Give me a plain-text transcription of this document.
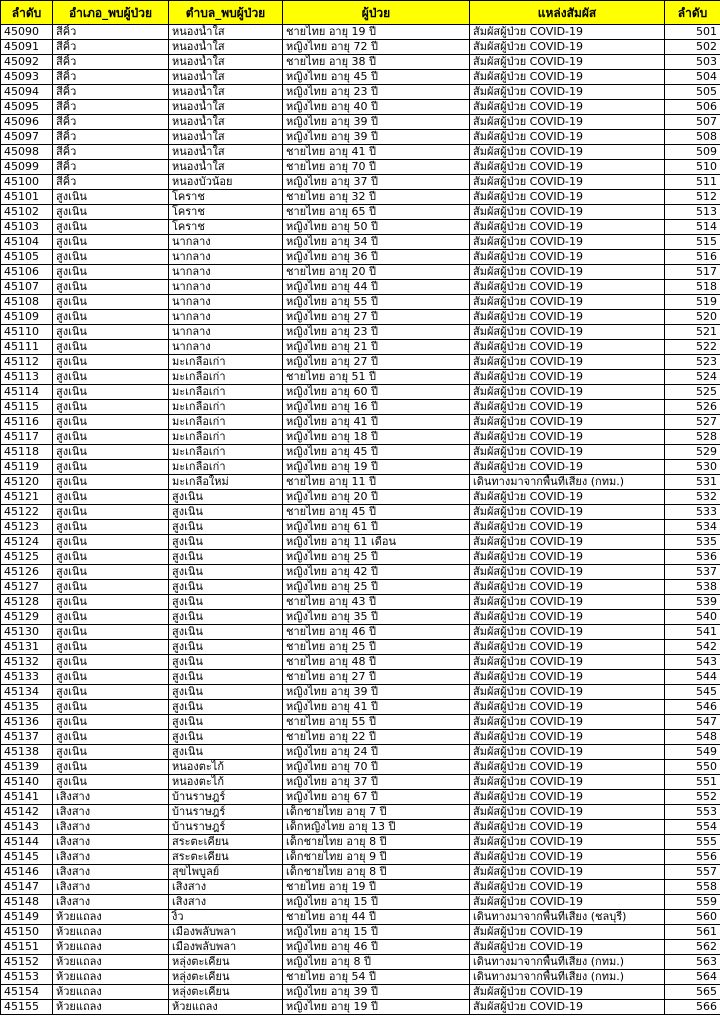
ลำดับ	อำเภอ_พบผู้ป่วย	ตำบล_พบผู้ป่วย	ผู้ป่วย	แหล่งสัมผัส	ลำดับ
45090	สีคิ้ว	หนองน้ำใส	ชายไทย อายุ 19 ปี	สัมผัสผู้ป่วย COVID-19	501
45091	สีคิ้ว	หนองน้ำใส	หญิงไทย อายุ 72 ปี	สัมผัสผู้ป่วย COVID-19	502
45092	สีคิ้ว	หนองน้ำใส	ชายไทย อายุ 38 ปี	สัมผัสผู้ป่วย COVID-19	503
45093	สีคิ้ว	หนองน้ำใส	หญิงไทย อายุ 45 ปี	สัมผัสผู้ป่วย COVID-19	504
45094	สีคิ้ว	หนองน้ำใส	หญิงไทย อายุ 23 ปี	สัมผัสผู้ป่วย COVID-19	505
45095	สีคิ้ว	หนองน้ำใส	หญิงไทย อายุ 40 ปี	สัมผัสผู้ป่วย COVID-19	506
45096	สีคิ้ว	หนองน้ำใส	หญิงไทย อายุ 39 ปี	สัมผัสผู้ป่วย COVID-19	507
45097	สีคิ้ว	หนองน้ำใส	หญิงไทย อายุ 39 ปี	สัมผัสผู้ป่วย COVID-19	508
45098	สีคิ้ว	หนองน้ำใส	ชายไทย อายุ 41 ปี	สัมผัสผู้ป่วย COVID-19	509
45099	สีคิ้ว	หนองน้ำใส	ชายไทย อายุ 70 ปี	สัมผัสผู้ป่วย COVID-19	510
45100	สีคิ้ว	หนองบัวน้อย	หญิงไทย อายุ 37 ปี	สัมผัสผู้ป่วย COVID-19	511
45101	สูงเนิน	โคราช	ชายไทย อายุ 32 ปี	สัมผัสผู้ป่วย COVID-19	512
45102	สูงเนิน	โคราช	ชายไทย อายุ 65 ปี	สัมผัสผู้ป่วย COVID-19	513
45103	สูงเนิน	โคราช	หญิงไทย อายุ 50 ปี	สัมผัสผู้ป่วย COVID-19	514
45104	สูงเนิน	นากลาง	หญิงไทย อายุ 34 ปี	สัมผัสผู้ป่วย COVID-19	515
45105	สูงเนิน	นากลาง	หญิงไทย อายุ 36 ปี	สัมผัสผู้ป่วย COVID-19	516
45106	สูงเนิน	นากลาง	ชายไทย อายุ 20 ปี	สัมผัสผู้ป่วย COVID-19	517
45107	สูงเนิน	นากลาง	หญิงไทย อายุ 44 ปี	สัมผัสผู้ป่วย COVID-19	518
45108	สูงเนิน	นากลาง	หญิงไทย อายุ 55 ปี	สัมผัสผู้ป่วย COVID-19	519
45109	สูงเนิน	นากลาง	หญิงไทย อายุ 27 ปี	สัมผัสผู้ป่วย COVID-19	520
45110	สูงเนิน	นากลาง	หญิงไทย อายุ 23 ปี	สัมผัสผู้ป่วย COVID-19	521
45111	สูงเนิน	นากลาง	หญิงไทย อายุ 21 ปี	สัมผัสผู้ป่วย COVID-19	522
45112	สูงเนิน	มะเกลือเก่า	หญิงไทย อายุ 27 ปี	สัมผัสผู้ป่วย COVID-19	523
45113	สูงเนิน	มะเกลือเก่า	ชายไทย อายุ 51 ปี	สัมผัสผู้ป่วย COVID-19	524
45114	สูงเนิน	มะเกลือเก่า	หญิงไทย อายุ 60 ปี	สัมผัสผู้ป่วย COVID-19	525
45115	สูงเนิน	มะเกลือเก่า	หญิงไทย อายุ 16 ปี	สัมผัสผู้ป่วย COVID-19	526
45116	สูงเนิน	มะเกลือเก่า	หญิงไทย อายุ 41 ปี	สัมผัสผู้ป่วย COVID-19	527
45117	สูงเนิน	มะเกลือเก่า	หญิงไทย อายุ 18 ปี	สัมผัสผู้ป่วย COVID-19	528
45118	สูงเนิน	มะเกลือเก่า	หญิงไทย อายุ 45 ปี	สัมผัสผู้ป่วย COVID-19	529
45119	สูงเนิน	มะเกลือเก่า	หญิงไทย อายุ 19 ปี	สัมผัสผู้ป่วย COVID-19	530
45120	สูงเนิน	มะเกลือใหม่	ชายไทย อายุ 11 ปี	เดินทางมาจากพื้นที่เสี่ยง (กทม.)	531
45121	สูงเนิน	สูงเนิน	หญิงไทย อายุ 20 ปี	สัมผัสผู้ป่วย COVID-19	532
45122	สูงเนิน	สูงเนิน	ชายไทย อายุ 45 ปี	สัมผัสผู้ป่วย COVID-19	533
45123	สูงเนิน	สูงเนิน	หญิงไทย อายุ 61 ปี	สัมผัสผู้ป่วย COVID-19	534
45124	สูงเนิน	สูงเนิน	หญิงไทย อายุ 11 เดือน	สัมผัสผู้ป่วย COVID-19	535
45125	สูงเนิน	สูงเนิน	หญิงไทย อายุ 25 ปี	สัมผัสผู้ป่วย COVID-19	536
45126	สูงเนิน	สูงเนิน	หญิงไทย อายุ 42 ปี	สัมผัสผู้ป่วย COVID-19	537
45127	สูงเนิน	สูงเนิน	หญิงไทย อายุ 25 ปี	สัมผัสผู้ป่วย COVID-19	538
45128	สูงเนิน	สูงเนิน	ชายไทย อายุ 43 ปี	สัมผัสผู้ป่วย COVID-19	539
45129	สูงเนิน	สูงเนิน	หญิงไทย อายุ 35 ปี	สัมผัสผู้ป่วย COVID-19	540
45130	สูงเนิน	สูงเนิน	ชายไทย อายุ 46 ปี	สัมผัสผู้ป่วย COVID-19	541
45131	สูงเนิน	สูงเนิน	ชายไทย อายุ 25 ปี	สัมผัสผู้ป่วย COVID-19	542
45132	สูงเนิน	สูงเนิน	ชายไทย อายุ 48 ปี	สัมผัสผู้ป่วย COVID-19	543
45133	สูงเนิน	สูงเนิน	ชายไทย อายุ 27 ปี	สัมผัสผู้ป่วย COVID-19	544
45134	สูงเนิน	สูงเนิน	หญิงไทย อายุ 39 ปี	สัมผัสผู้ป่วย COVID-19	545
45135	สูงเนิน	สูงเนิน	หญิงไทย อายุ 41 ปี	สัมผัสผู้ป่วย COVID-19	546
45136	สูงเนิน	สูงเนิน	ชายไทย อายุ 55 ปี	สัมผัสผู้ป่วย COVID-19	547
45137	สูงเนิน	สูงเนิน	ชายไทย อายุ 22 ปี	สัมผัสผู้ป่วย COVID-19	548
45138	สูงเนิน	สูงเนิน	หญิงไทย อายุ 24 ปี	สัมผัสผู้ป่วย COVID-19	549
45139	สูงเนิน	หนองตะไก้	หญิงไทย อายุ 70 ปี	สัมผัสผู้ป่วย COVID-19	550
45140	สูงเนิน	หนองตะไก้	หญิงไทย อายุ 37 ปี	สัมผัสผู้ป่วย COVID-19	551
45141	เสิงสาง	บ้านราษฎร์	หญิงไทย อายุ 67 ปี	สัมผัสผู้ป่วย COVID-19	552
45142	เสิงสาง	บ้านราษฎร์	เด็กชายไทย อายุ 7 ปี	สัมผัสผู้ป่วย COVID-19	553
45143	เสิงสาง	บ้านราษฎร์	เด็กหญิงไทย อายุ 13 ปี	สัมผัสผู้ป่วย COVID-19	554
45144	เสิงสาง	สระตะเคียน	เด็กชายไทย อายุ 8 ปี	สัมผัสผู้ป่วย COVID-19	555
45145	เสิงสาง	สระตะเคียน	เด็กชายไทย อายุ 9 ปี	สัมผัสผู้ป่วย COVID-19	556
45146	เสิงสาง	สุขไพบูลย์	เด็กชายไทย อายุ 8 ปี	สัมผัสผู้ป่วย COVID-19	557
45147	เสิงสาง	เสิงสาง	ชายไทย อายุ 19 ปี	สัมผัสผู้ป่วย COVID-19	558
45148	เสิงสาง	เสิงสาง	หญิงไทย อายุ 15 ปี	สัมผัสผู้ป่วย COVID-19	559
45149	ห้วยแถลง	งิ้ว	ชายไทย อายุ 44 ปี	เดินทางมาจากพื้นที่เสี่ยง (ชลบุรี)	560
45150	ห้วยแถลง	เมืองพลับพลา	หญิงไทย อายุ 15 ปี	สัมผัสผู้ป่วย COVID-19	561
45151	ห้วยแถลง	เมืองพลับพลา	หญิงไทย อายุ 46 ปี	สัมผัสผู้ป่วย COVID-19	562
45152	ห้วยแถลง	หลุ่งตะเคียน	หญิงไทย อายุ 8 ปี	เดินทางมาจากพื้นที่เสี่ยง (กทม.)	563
45153	ห้วยแถลง	หลุ่งตะเคียน	ชายไทย อายุ 54 ปี	เดินทางมาจากพื้นที่เสี่ยง (กทม.)	564
45154	ห้วยแถลง	หลุ่งตะเคียน	หญิงไทย อายุ 39 ปี	สัมผัสผู้ป่วย COVID-19	565
45155	ห้วยแถลง	ห้วยแถลง	หญิงไทย อายุ 19 ปี	สัมผัสผู้ป่วย COVID-19	566
